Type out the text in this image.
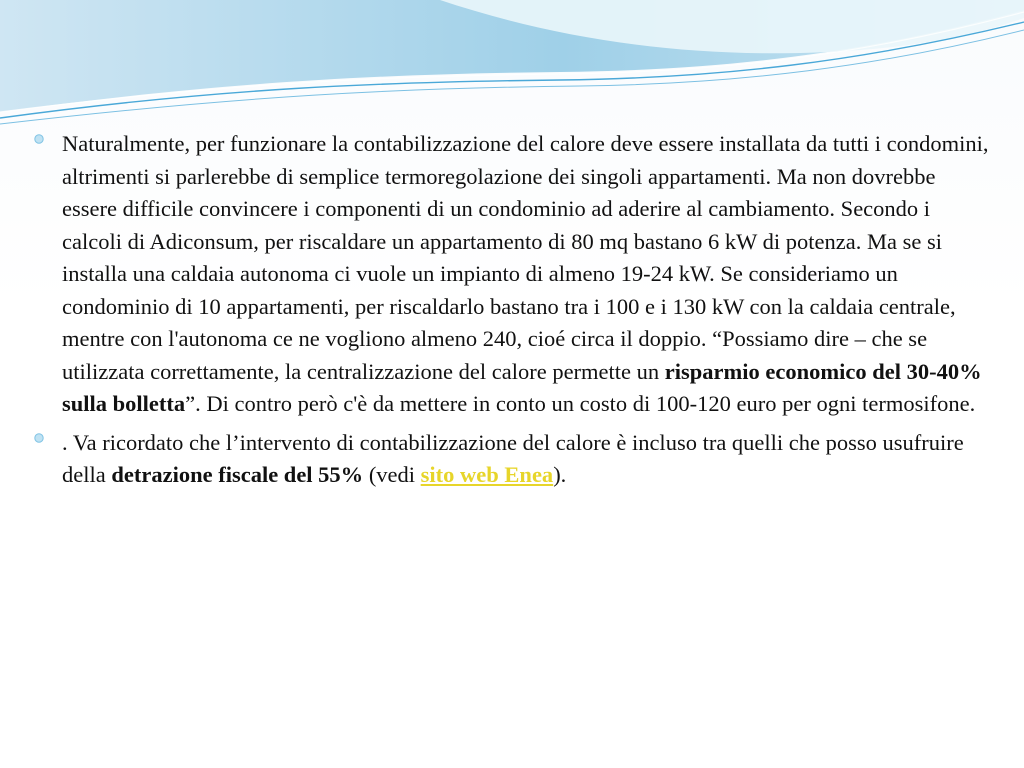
Naturalmente, per funzionare la contabilizzazione del calore deve essere installata da tutti i condomini, altrimenti si parlerebbe di semplice termoregolazione dei singoli appartamenti. Ma non dovrebbe essere difficile convincere i componenti di un condominio ad aderire al cambiamento. Secondo i calcoli di Adiconsum, per riscaldare un appartamento di 80 mq bastano 6 kW di potenza. Ma se si installa una caldaia autonoma ci vuole un impianto di almeno 19-24 kW. Se consideriamo un condominio di 10 appartamenti, per riscaldarlo bastano tra i 100 e i 130 kW con la caldaia centrale, mentre con l'autonoma ce ne vogliono almeno 240, cioé circa il doppio. “Possiamo dire – che se utilizzata correttamente, la centralizzazione del calore permette un risparmio economico del 30-40% sulla bolletta”. Di contro però c'è da mettere in conto un costo di 100-120 euro per ogni termosifone.

. Va ricordato che l’intervento di contabilizzazione del calore è incluso tra quelli che posso usufruire della detrazione fiscale del 55% (vedi sito web Enea).
